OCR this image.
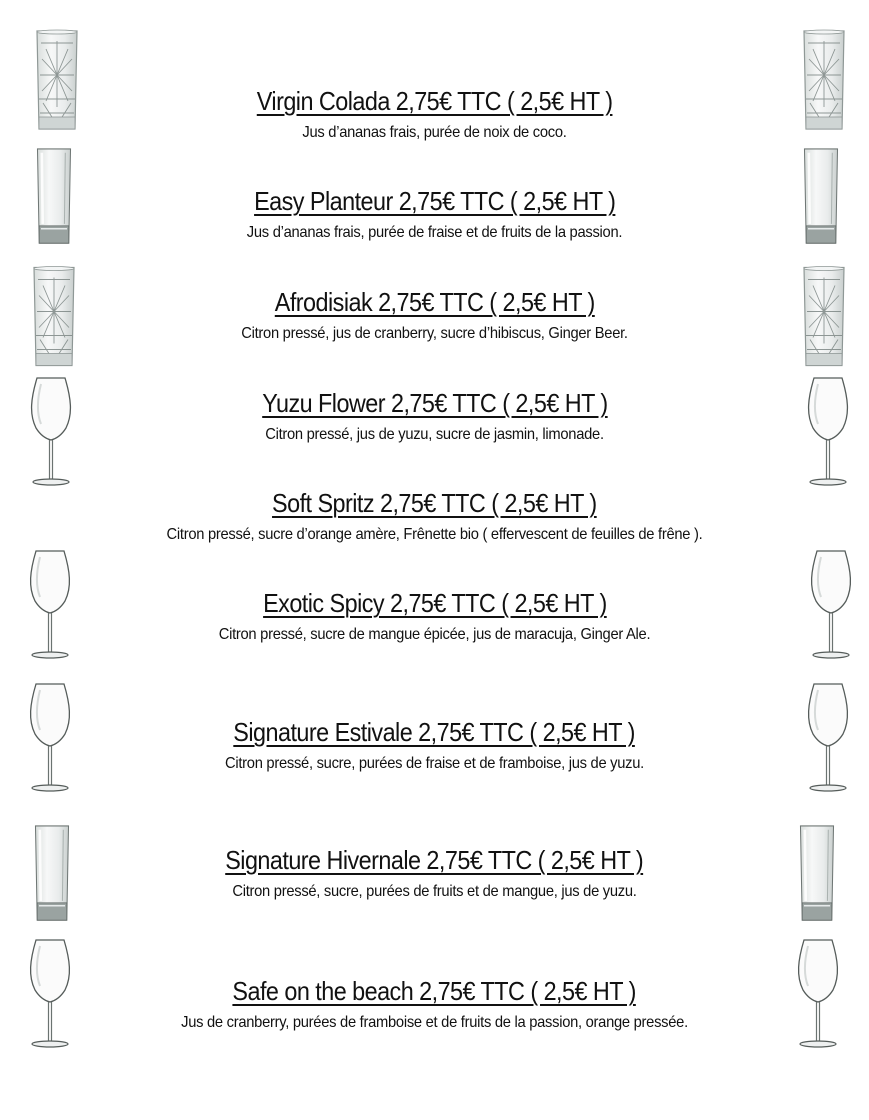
Virgin Colada 2,75€ TTC ( 2,5€ HT )
Jus d’ananas frais, purée de noix de coco.
Easy Planteur 2,75€ TTC ( 2,5€ HT )
Jus d’ananas frais, purée de fraise et de fruits de la passion.
Afrodisiak 2,75€ TTC ( 2,5€ HT )
Citron pressé, jus de cranberry, sucre d’hibiscus, Ginger Beer.
Yuzu Flower 2,75€ TTC ( 2,5€ HT )
Citron pressé, jus de yuzu, sucre de jasmin, limonade.
Soft Spritz 2,75€ TTC ( 2,5€ HT )
Citron pressé, sucre d’orange amère, Frênette bio ( effervescent de feuilles de frêne ).
Exotic Spicy 2,75€ TTC ( 2,5€ HT )
Citron pressé, sucre de mangue épicée, jus de maracuja, Ginger Ale.
Signature Estivale 2,75€ TTC ( 2,5€ HT )
Citron pressé, sucre, purées de fraise et de framboise, jus de yuzu.
Signature Hivernale 2,75€ TTC ( 2,5€ HT )
Citron pressé, sucre, purées de fruits et de mangue, jus de yuzu.
Safe on the beach 2,75€ TTC ( 2,5€ HT )
Jus de cranberry, purées de framboise et de fruits de la passion, orange pressée.
